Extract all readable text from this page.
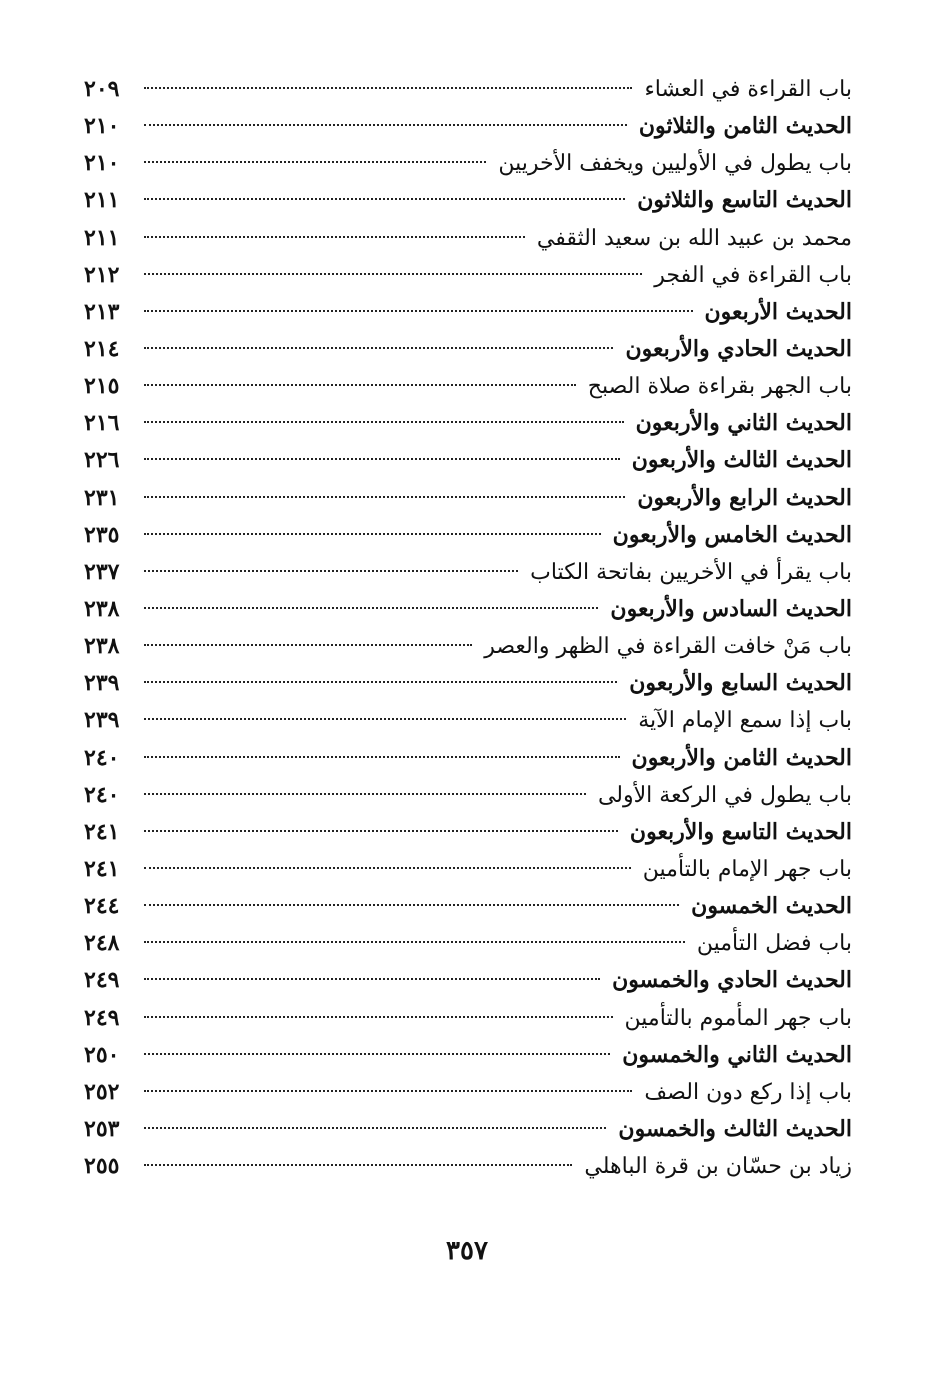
باب القراءة في العشاء
٢٠٩
الحديث الثامن والثلاثون
٢١٠
باب يطول في الأوليين ويخفف الأخريين
٢١٠
الحديث التاسع والثلاثون
٢١١
محمد بن عبيد الله بن سعيد الثقفي
٢١١
باب القراءة في الفجر
٢١٢
الحديث الأربعون
٢١٣
الحديث الحادي والأربعون
٢١٤
باب الجهر بقراءة صلاة الصبح
٢١٥
الحديث الثاني والأربعون
٢١٦
الحديث الثالث والأربعون
٢٢٦
الحديث الرابع والأربعون
٢٣١
الحديث الخامس والأربعون
٢٣٥
باب يقرأ في الأخريين بفاتحة الكتاب
٢٣٧
الحديث السادس والأربعون
٢٣٨
باب مَنْ خافت القراءة في الظهر والعصر
٢٣٨
الحديث السابع والأربعون
٢٣٩
باب إذا سمع الإمام الآية
٢٣٩
الحديث الثامن والأربعون
٢٤٠
باب يطول في الركعة الأولى
٢٤٠
الحديث التاسع والأربعون
٢٤١
باب جهر الإمام بالتأمين
٢٤١
الحديث الخمسون
٢٤٤
باب فضل التأمين
٢٤٨
الحديث الحادي والخمسون
٢٤٩
باب جهر المأموم بالتأمين
٢٤٩
الحديث الثاني والخمسون
٢٥٠
باب إذا ركع دون الصف
٢٥٢
الحديث الثالث والخمسون
٢٥٣
زياد بن حسّان بن قرة الباهلي
٢٥٥
٣٥٧
